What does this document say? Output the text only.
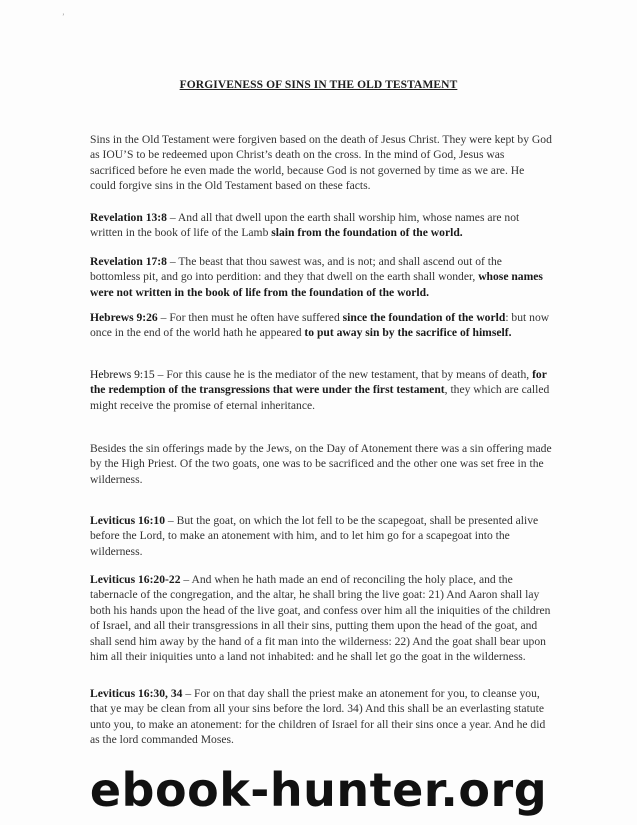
’
FORGIVENESS OF SINS IN THE OLD TESTAMENT

Sins in the Old Testament were forgiven based on the death of Jesus Christ. They were kept by God as IOU’S to be redeemed upon Christ’s death on the cross. In the mind of God, Jesus was sacrificed before he even made the world, because God is not governed by time as we are. He could forgive sins in the Old Testament based on these facts.

Revelation 13:8 – And all that dwell upon the earth shall worship him, whose names are not written in the book of life of the Lamb slain from the foundation of the world.

Revelation 17:8 – The beast that thou sawest was, and is not; and shall ascend out of the bottomless pit, and go into perdition: and they that dwell on the earth shall wonder, whose names were not written in the book of life from the foundation of the world.

Hebrews 9:26 – For then must he often have suffered since the foundation of the world: but now once in the end of the world hath he appeared to put away sin by the sacrifice of himself.

Hebrews 9:15 – For this cause he is the mediator of the new testament, that by means of death, for the redemption of the transgressions that were under the first testament, they which are called might receive the promise of eternal inheritance.

Besides the sin offerings made by the Jews, on the Day of Atonement there was a sin offering made by the High Priest. Of the two goats, one was to be sacrificed and the other one was set free in the wilderness.

Leviticus 16:10 – But the goat, on which the lot fell to be the scapegoat, shall be presented alive before the Lord, to make an atonement with him, and to let him go for a scapegoat into the wilderness.

Leviticus 16:20-22 – And when he hath made an end of reconciling the holy place, and the tabernacle of the congregation, and the altar, he shall bring the live goat: 21) And Aaron shall lay both his hands upon the head of the live goat, and confess over him all the iniquities of the children of Israel, and all their transgressions in all their sins, putting them upon the head of the goat, and shall send him away by the hand of a fit man into the wilderness: 22) And the goat shall bear upon him all their iniquities unto a land not inhabited: and he shall let go the goat in the wilderness.

Leviticus 16:30, 34 – For on that day shall the priest make an atonement for you, to cleanse you, that ye may be clean from all your sins before the lord. 34) And this shall be an everlasting statute unto you, to make an atonement: for the children of Israel for all their sins once a year. And he did as the lord commanded Moses.

ebook-hunter.org
